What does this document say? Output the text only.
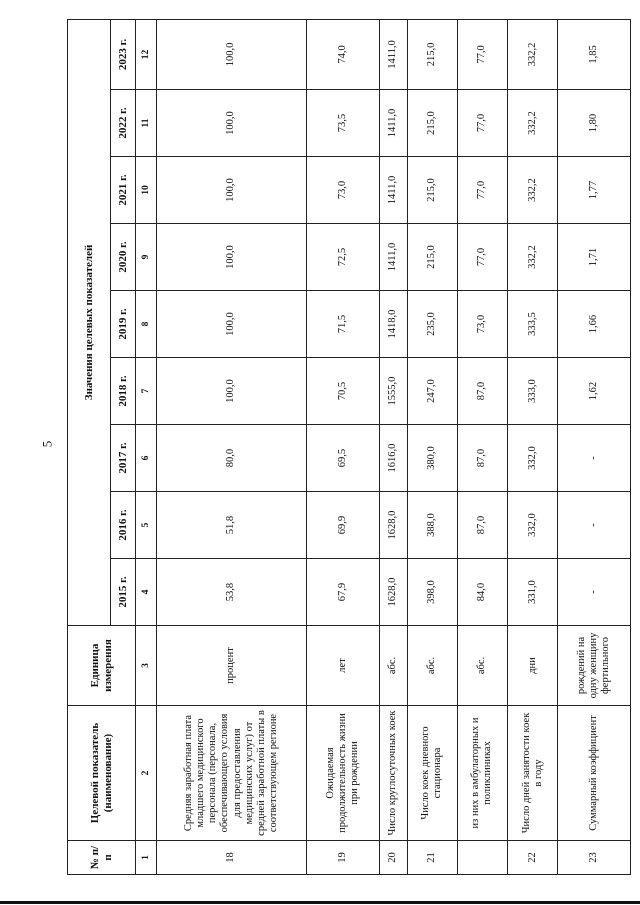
5
№ п/п	Целевой показатель (наименование)	Единица измерения	Значения целевых показателей								
			2015 г.	2016 г.	2017 г.	2018 г.	2019 г.	2020 г.	2021 г.	2022 г.	2023 г.
1	2	3	4	5	6	7	8	9	10	11	12
18	Средняя заработная плата младшего медицинского персонала (персонала, обеспечивающего условия для предоставления медицинских услуг) от средней заработной платы в соответствующем регионе	процент	53,8	51,8	80,0	100,0	100,0	100,0	100,0	100,0	100,0
19	Ожидаемая продолжительность жизни при рождении	лет	67,9	69,9	69,5	70,5	71,5	72,5	73,0	73,5	74,0
20	Число круглосуточных коек	абс.	1628,0	1628,0	1616,0	1555,0	1418,0	1411,0	1411,0	1411,0	1411,0
21	Число коек дневного стационара	абс.	398,0	388,0	380,0	247,0	235,0	215,0	215,0	215,0	215,0
	из них в амбулаторных и поликлиниках	абс.	84,0	87,0	87,0	87,0	73,0	77,0	77,0	77,0	77,0
22	Число дней занятости коек в году	дни	331,0	332,0	332,0	333,0	333,5	332,2	332,2	332,2	332,2
23	Суммарный коэффициент	рождений на одну женщину фертильного	-	-	-	1,62	1,66	1,71	1,77	1,80	1,85
